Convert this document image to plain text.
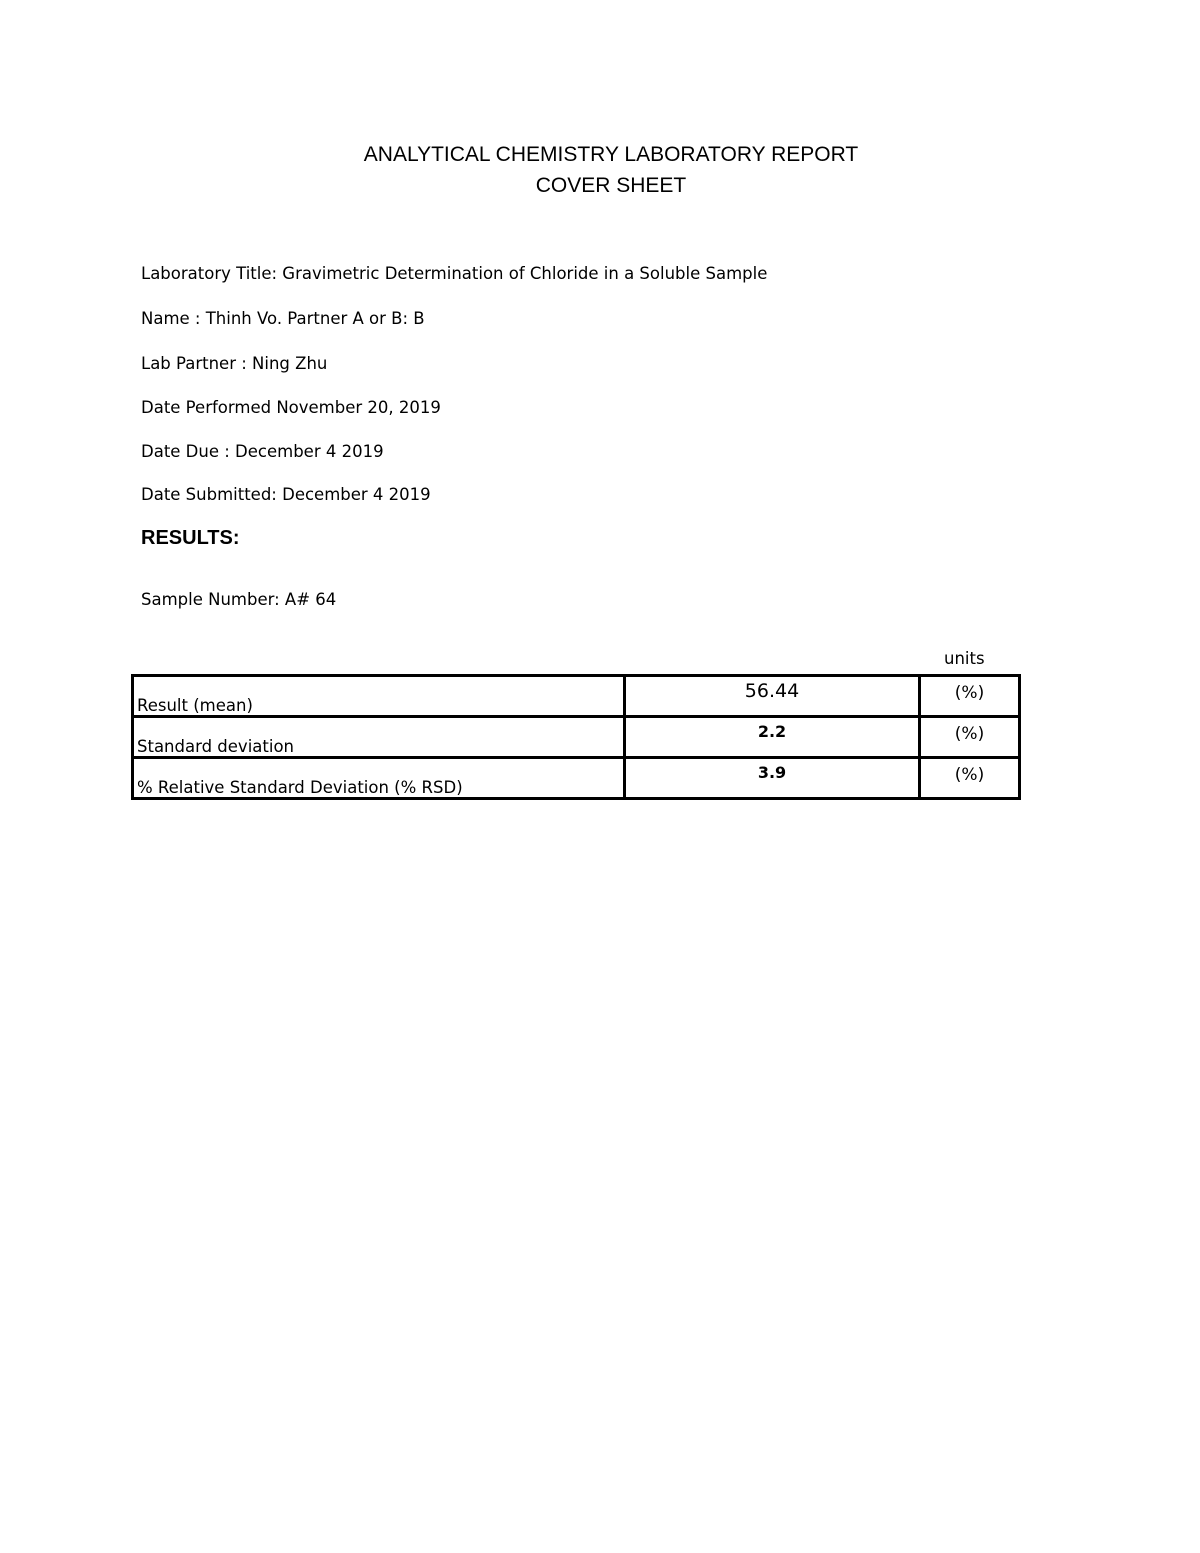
ANALYTICAL CHEMISTRY LABORATORY REPORT
COVER SHEET
Laboratory Title: Gravimetric Determination of Chloride in a Soluble Sample
Name : Thinh Vo. Partner A or B: B
Lab Partner : Ning Zhu
Date Performed November 20, 2019
Date Due : December 4 2019
Date Submitted: December 4 2019
RESULTS:
Sample Number: A# 64
units
Result (mean)	56.44	(%)

Standard deviation	2.2	(%)

% Relative Standard Deviation (% RSD)	3.9	(%)
